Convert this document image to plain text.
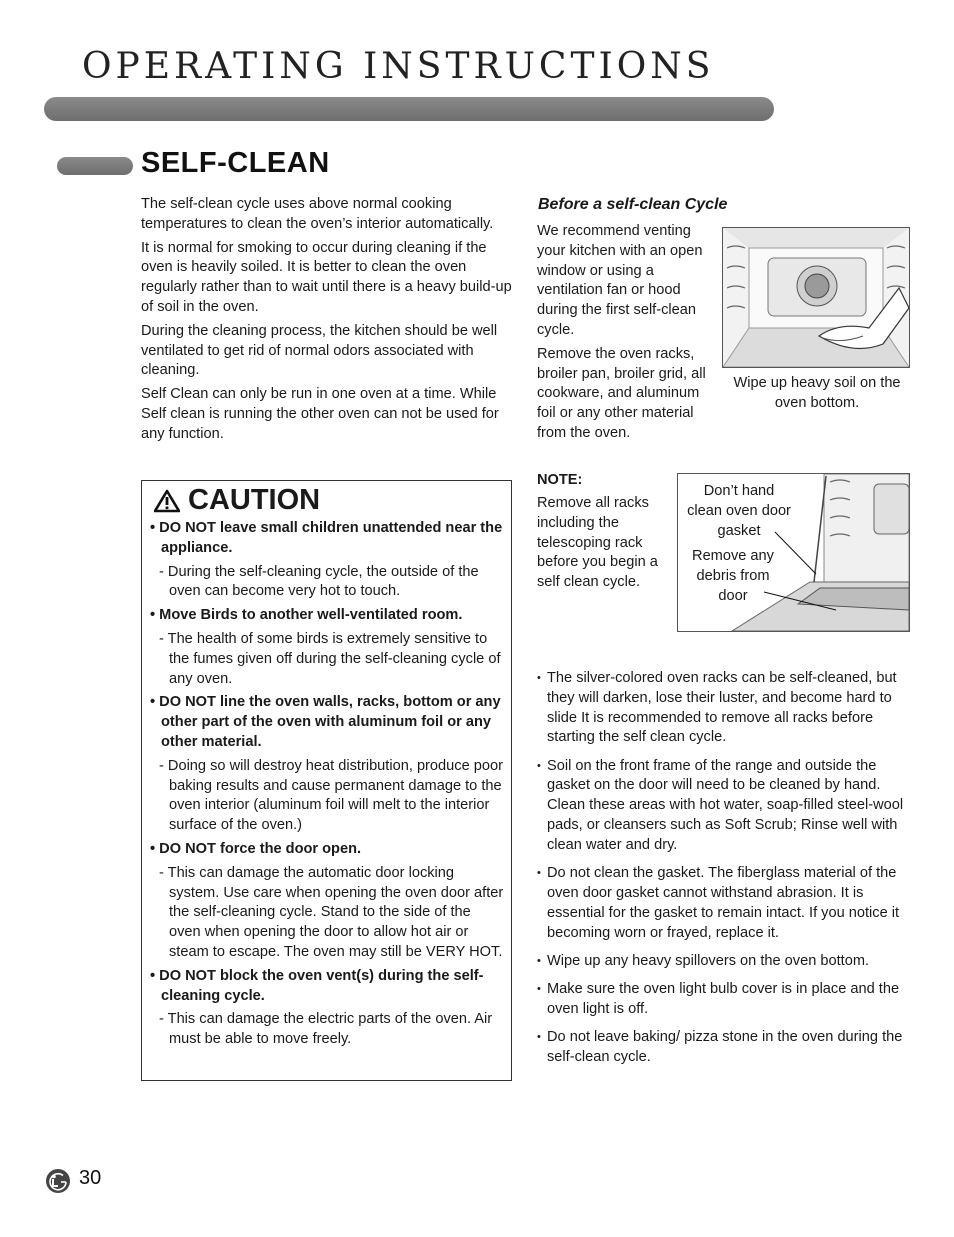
OPERATING INSTRUCTIONS
SELF-CLEAN

The self-clean cycle uses above normal cooking temperatures to clean the oven’s interior automatically.

It is normal for smoking to occur during cleaning if the oven is heavily soiled. It is better to clean the oven regularly rather than to wait until there is a heavy build-up of soil in the oven.

During the cleaning process, the kitchen should be well ventilated to get rid of normal odors associated with cleaning.

Self Clean can only be run in one oven at a time. While Self clean is running the other oven can not be used for any function.

CAUTION
• DO NOT leave small children unattended near the appliance.
- During the self-cleaning cycle, the outside of the oven can become very hot to touch.
• Move Birds to another well-ventilated room.
- The health of some birds is extremely sensitive to the fumes given off during the self-cleaning cycle of any oven.
• DO NOT line the oven walls, racks, bottom or any other part of the oven with aluminum foil or any other material.
- Doing so will destroy heat distribution, produce poor baking results and cause permanent damage to the oven interior (aluminum foil will melt to the interior surface of the oven.)
• DO NOT force the door open.
- This can damage the automatic door locking system. Use care when opening the oven door after the self-cleaning cycle. Stand to the side of the oven when opening the door to allow hot air or steam to escape. The oven may still be VERY HOT.
• DO NOT block the oven vent(s) during the self-cleaning cycle.
- This can damage the electric parts of the oven. Air must be able to move freely.
Before a self-clean Cycle

We recommend venting your kitchen with an open window or using a ventilation fan or hood during the first self-clean cycle.

Remove the oven racks, broiler pan, broiler grid, all cookware, and aluminum foil or any other material from the oven.

Wipe up heavy soil on the oven bottom.
NOTE:
Remove all racks including the telescoping rack before you begin a self clean cycle.
Don’t hand clean oven door gasket
Remove any debris from door
• The silver-colored oven racks can be self-cleaned, but they will darken, lose their luster, and become hard to slide It is recommended to remove all racks before starting the self clean cycle.
• Soil on the front frame of the range and outside the gasket on the door will need to be cleaned by hand. Clean these areas with hot water, soap-filled steel-wool pads, or cleansers such as Soft Scrub; Rinse well with clean water and dry.
• Do not clean the gasket. The fiberglass material of the oven door gasket cannot withstand abrasion. It is essential for the gasket to remain intact. If you notice it becoming worn or frayed, replace it.
• Wipe up any heavy spillovers on the oven bottom.
• Make sure the oven light bulb cover is in place and the oven light is off.
• Do not leave baking/ pizza stone in the oven during the self-clean cycle.
30
